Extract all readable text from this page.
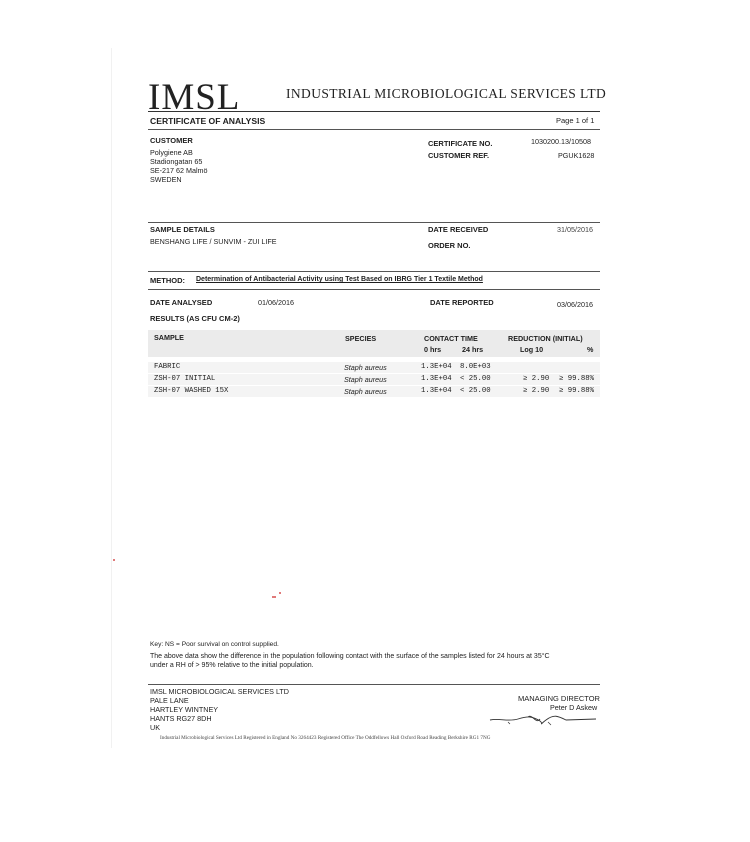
IMSL	INDUSTRIAL MICROBIOLOGICAL SERVICES LTD
CERTIFICATE OF ANALYSIS	Page 1 of 1
CUSTOMER
Polygiene AB
Stadiongatan 65
SE-217 62 Malmö
SWEDEN
CERTIFICATE NO.	1030200.13/10508
CUSTOMER REF.	PGUK1628
SAMPLE DETAILS
BENSHANG LIFE / SUNVIM - ZUI LIFE
DATE RECEIVED	31/05/2016
ORDER NO.
METHOD: Determination of Antibacterial Activity using Test Based on IBRG Tier 1 Textile Method
DATE ANALYSED	01/06/2016	DATE REPORTED	03/06/2016
RESULTS (AS CFU CM-2)
SAMPLE	SPECIES	CONTACT TIME	REDUCTION (INITIAL)
0 hrs	24 hrs	Log 10	%
FABRIC	Staph aureus	1.3E+04 8.0E+03
ZSH-07 INITIAL	Staph aureus	1.3E+04 < 25.00	≥ 2.90 ≥ 99.88%
ZSH-07 WASHED 15X	Staph aureus	1.3E+04 < 25.00	≥ 2.90 ≥ 99.88%
Key: NS = Poor survival on control supplied.
The above data show the difference in the population following contact with the surface of the samples listed for 24 hours at 35°C
under a RH of > 95% relative to the initial population.
IMSL MICROBIOLOGICAL SERVICES LTD
PALE LANE
HARTLEY WINTNEY
HANTS RG27 8DH
UK
MANAGING DIRECTOR
Peter D Askew
Industrial Microbiological Services Ltd Registered in England No 3264423 Registered Office The Oddfellows Hall Oxford Road Reading Berkshire RG1 7NG
